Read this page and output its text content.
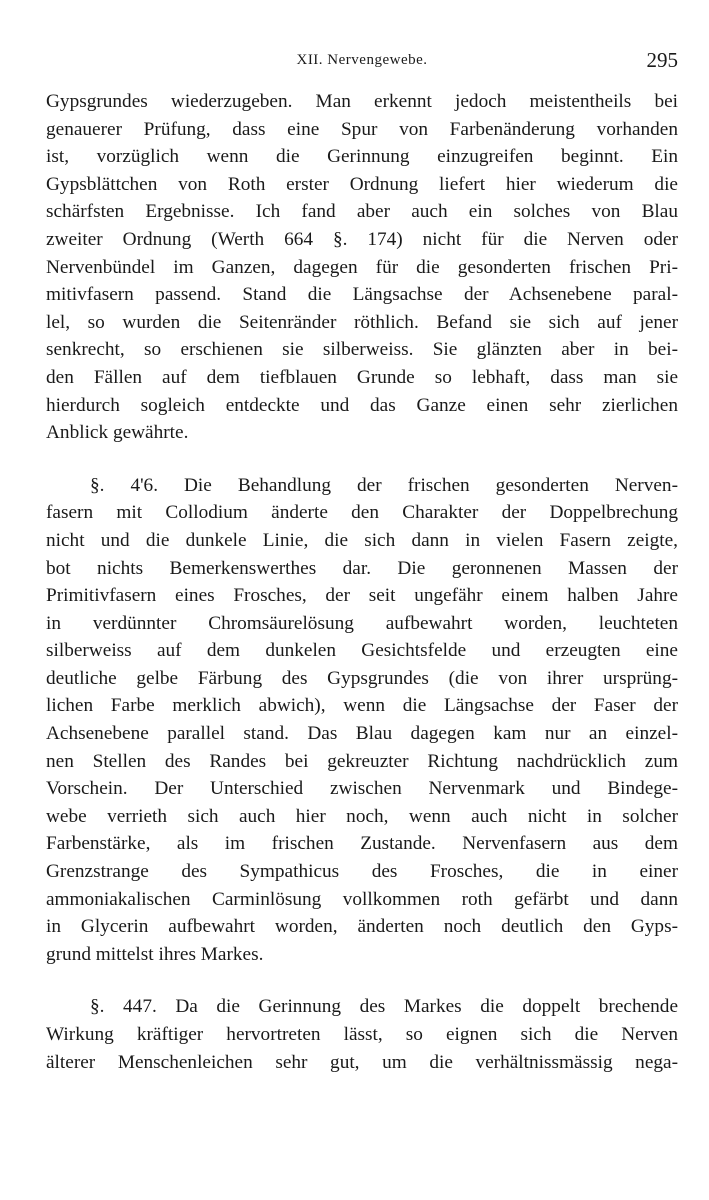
XII. Nervengewebe.	295
Gypsgrundes wiederzugeben. Man erkennt jedoch meistentheils bei
genauerer Prüfung, dass eine Spur von Farbenänderung vorhanden
ist, vorzüglich wenn die Gerinnung einzugreifen beginnt. Ein
Gypsblättchen von Roth erster Ordnung liefert hier wiederum die
schärfsten Ergebnisse. Ich fand aber auch ein solches von Blau
zweiter Ordnung (Werth 664 §. 174) nicht für die Nerven oder
Nervenbündel im Ganzen, dagegen für die gesonderten frischen Pri-
mitivfasern passend. Stand die Längsachse der Achsenebene paral-
lel, so wurden die Seitenränder röthlich. Befand sie sich auf jener
senkrecht, so erschienen sie silberweiss. Sie glänzten aber in bei-
den Fällen auf dem tiefblauen Grunde so lebhaft, dass man sie
hierdurch sogleich entdeckte und das Ganze einen sehr zierlichen
Anblick gewährte.
§. 4'6. Die Behandlung der frischen gesonderten Nerven-
fasern mit Collodium änderte den Charakter der Doppelbrechung
nicht und die dunkele Linie, die sich dann in vielen Fasern zeigte,
bot nichts Bemerkenswerthes dar. Die geronnenen Massen der
Primitivfasern eines Frosches, der seit ungefähr einem halben Jahre
in verdünnter Chromsäurelösung aufbewahrt worden, leuchteten
silberweiss auf dem dunkelen Gesichtsfelde und erzeugten eine
deutliche gelbe Färbung des Gypsgrundes (die von ihrer ursprüng-
lichen Farbe merklich abwich), wenn die Längsachse der Faser der
Achsenebene parallel stand. Das Blau dagegen kam nur an einzel-
nen Stellen des Randes bei gekreuzter Richtung nachdrücklich zum
Vorschein. Der Unterschied zwischen Nervenmark und Bindege-
webe verrieth sich auch hier noch, wenn auch nicht in solcher
Farbenstärke, als im frischen Zustande. Nervenfasern aus dem
Grenzstrange des Sympathicus des Frosches, die in einer
ammoniakalischen Carminlösung vollkommen roth gefärbt und dann
in Glycerin aufbewahrt worden, änderten noch deutlich den Gyps-
grund mittelst ihres Markes.
§. 447. Da die Gerinnung des Markes die doppelt brechende
Wirkung kräftiger hervortreten lässt, so eignen sich die Nerven
älterer Menschenleichen sehr gut, um die verhältnissmässig nega-
